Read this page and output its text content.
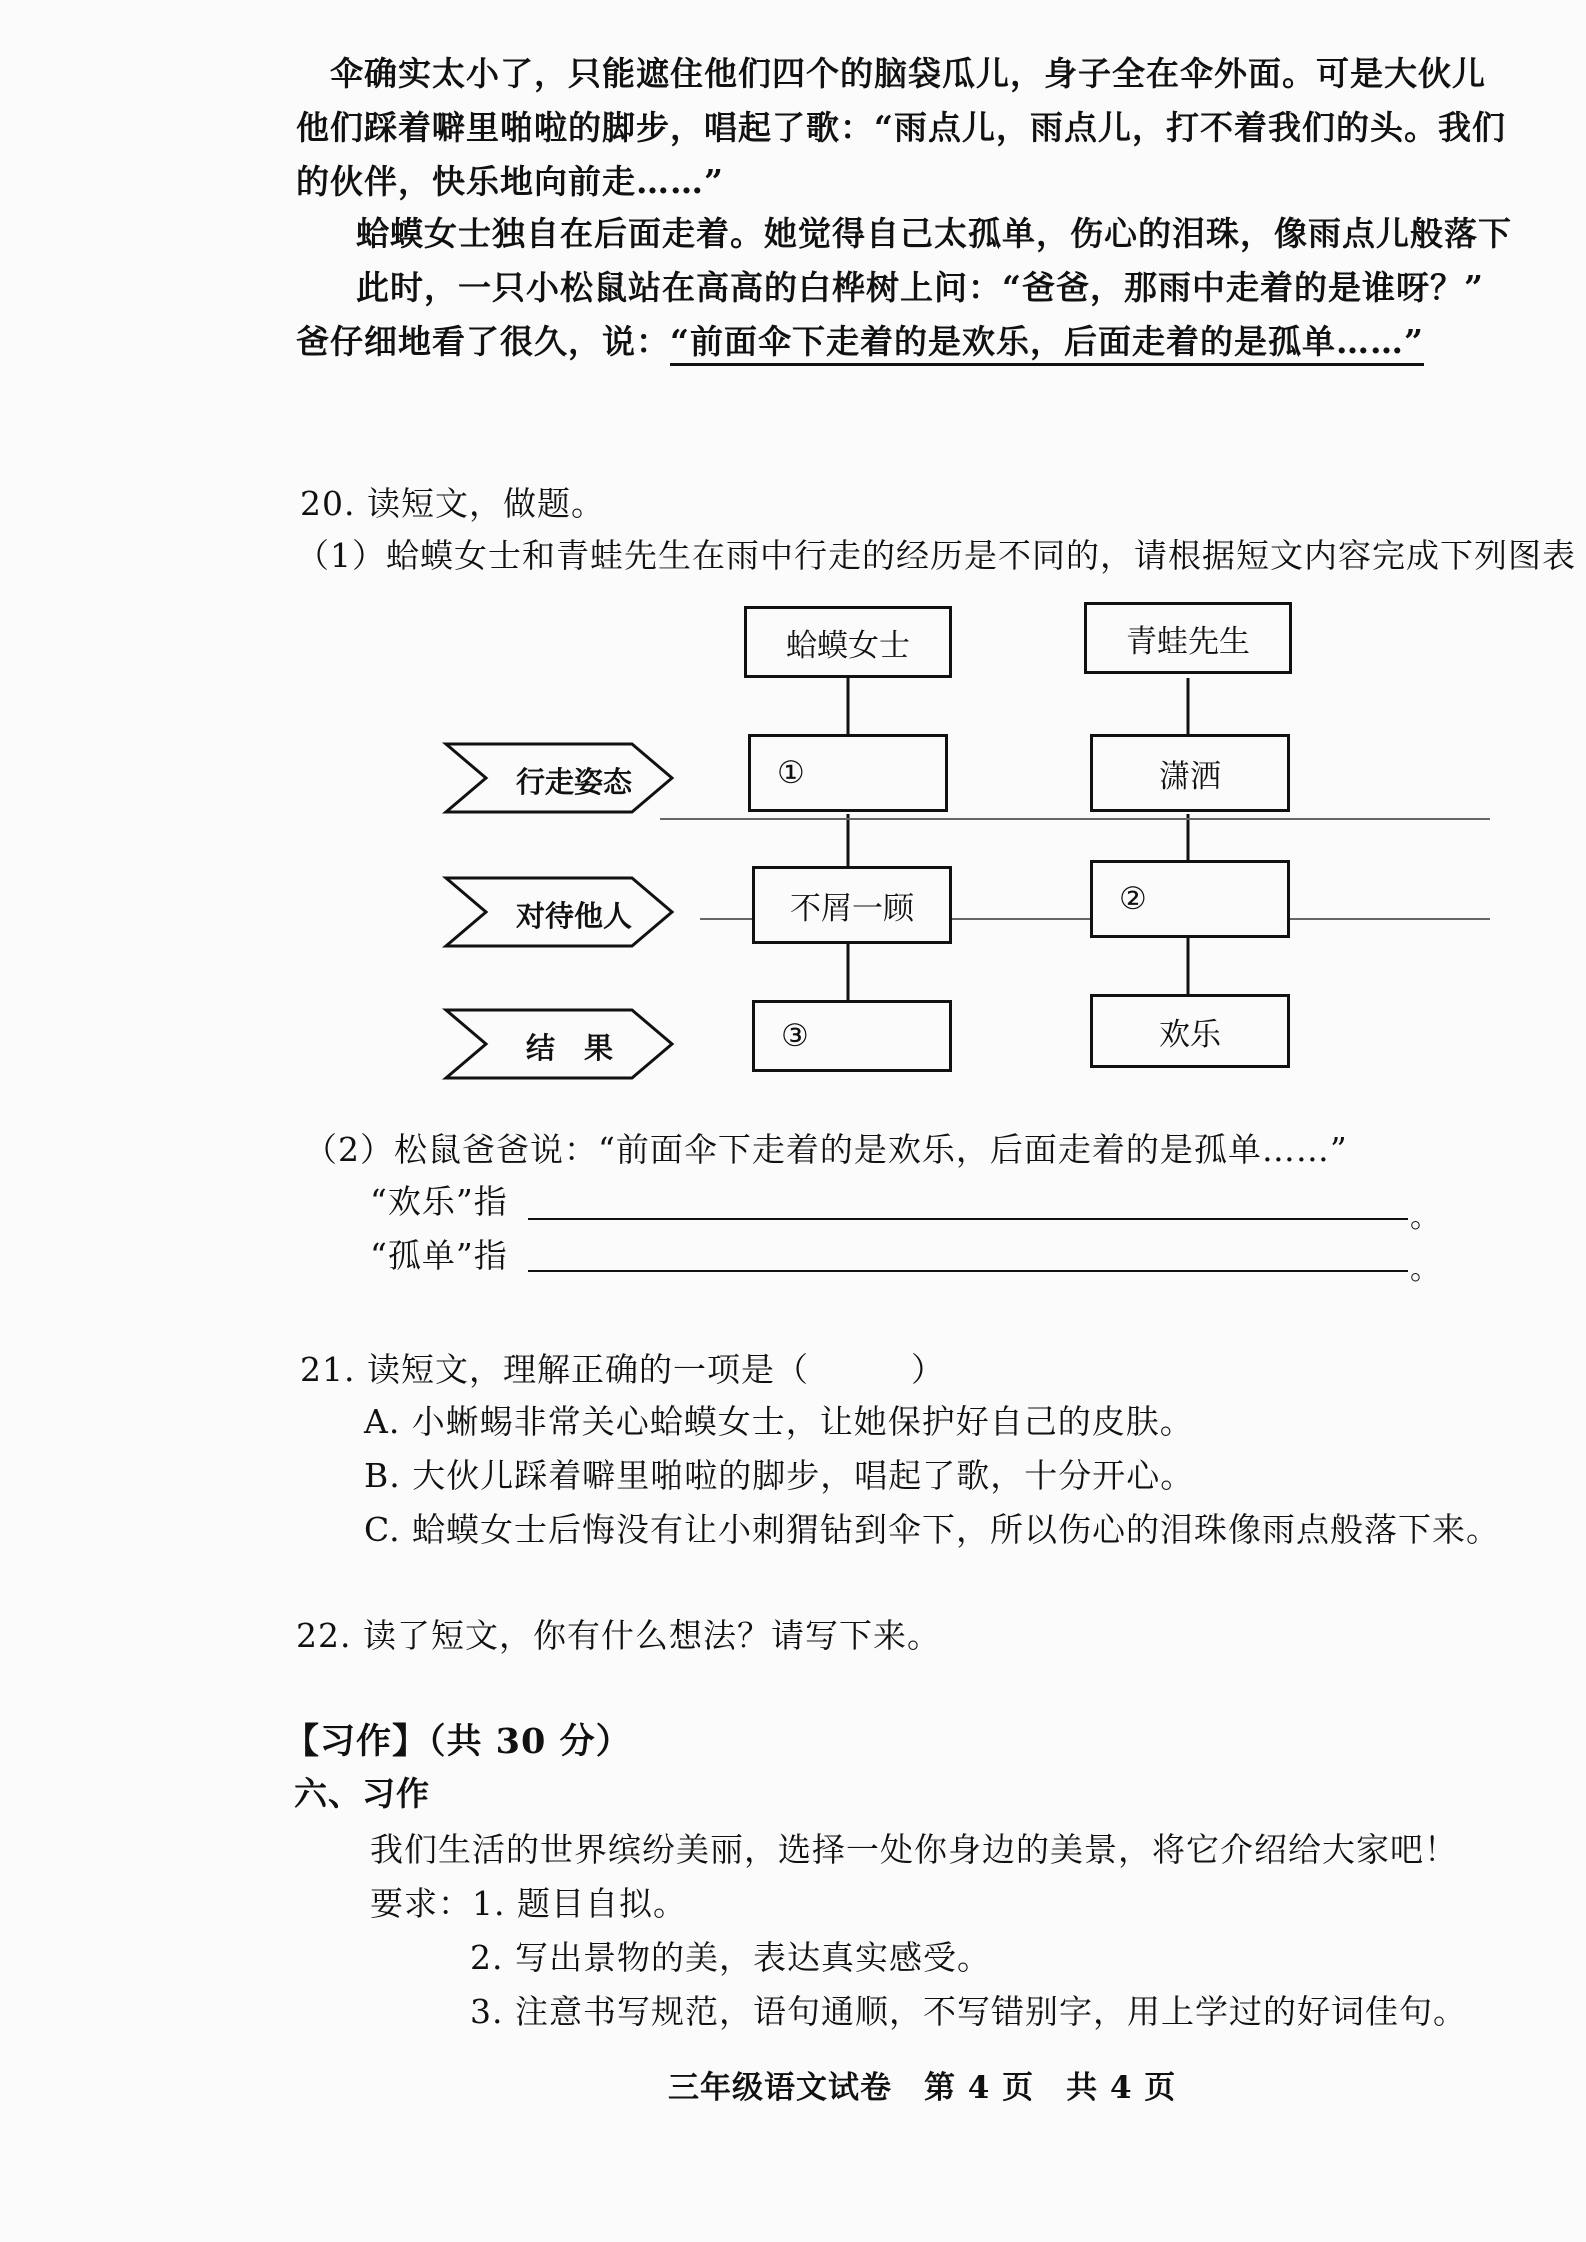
伞确实太小了，只能遮住他们四个的脑袋瓜儿，身子全在伞外面。可是大伙儿
他们踩着噼里啪啦的脚步，唱起了歌：“雨点儿，雨点儿，打不着我们的头。我们
的伙伴，快乐地向前走……”
蛤蟆女士独自在后面走着。她觉得自己太孤单，伤心的泪珠，像雨点儿般落下
此时，一只小松鼠站在高高的白桦树上问：“爸爸，那雨中走着的是谁呀？”
爸仔细地看了很久，说：“前面伞下走着的是欢乐，后面走着的是孤单……”
20. 读短文，做题。
（1）蛤蟆女士和青蛙先生在雨中行走的经历是不同的，请根据短文内容完成下列图表
蛤蟆女士	青蛙先生
行走姿态
对待他人
结　果
①	潇洒
不屑一顾	②
③	欢乐
（2）松鼠爸爸说：“前面伞下走着的是欢乐，后面走着的是孤单……”
“欢乐”指	。
“孤单”指	。
21. 读短文，理解正确的一项是（　　　）
A. 小蜥蜴非常关心蛤蟆女士，让她保护好自己的皮肤。
B. 大伙儿踩着噼里啪啦的脚步，唱起了歌，十分开心。
C. 蛤蟆女士后悔没有让小刺猬钻到伞下，所以伤心的泪珠像雨点般落下来。
22. 读了短文，你有什么想法？请写下来。
【习作】（共 30 分）
六、习作
我们生活的世界缤纷美丽，选择一处你身边的美景，将它介绍给大家吧！
要求：1. 题目自拟。
2. 写出景物的美，表达真实感受。
3. 注意书写规范，语句通顺，不写错别字，用上学过的好词佳句。
三年级语文试卷　第 4 页　共 4 页
